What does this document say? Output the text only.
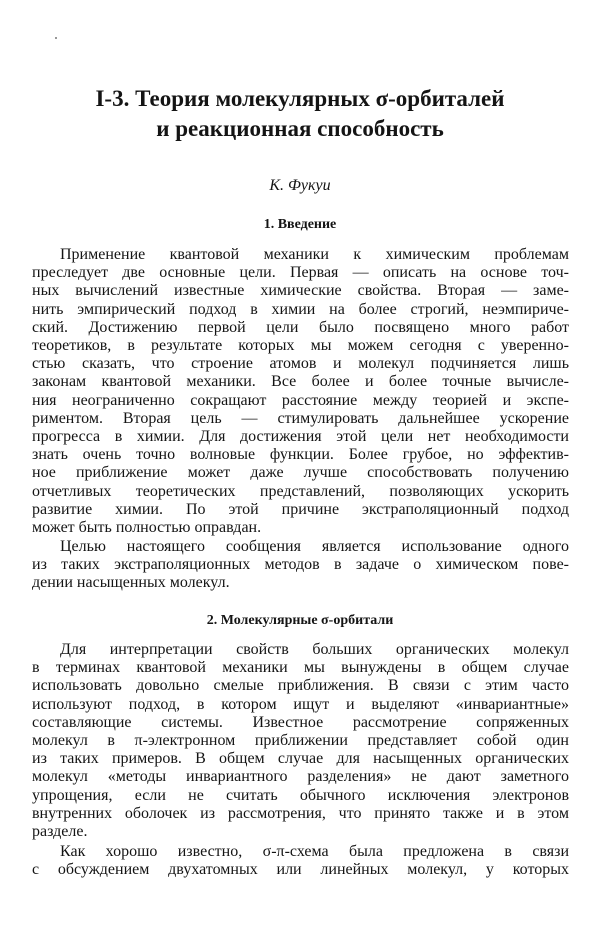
I-3. Теория молекулярных σ-орбиталей
и реакционная способность
К. Фукуи
1. Введение
Применение квантовой механики к химическим проблемам
преследует две основные цели. Первая — описать на основе точ-
ных вычислений известные химические свойства. Вторая — заме-
нить эмпирический подход в химии на более строгий, неэмпириче-
ский. Достижению первой цели было посвящено много работ
теоретиков, в результате которых мы можем сегодня с уверенно-
стью сказать, что строение атомов и молекул подчиняется лишь
законам квантовой механики. Все более и более точные вычисле-
ния неограниченно сокращают расстояние между теорией и экспе-
риментом. Вторая цель — стимулировать дальнейшее ускорение
прогресса в химии. Для достижения этой цели нет необходимости
знать очень точно волновые функции. Более грубое, но эффектив-
ное приближение может даже лучше способствовать получению
отчетливых теоретических представлений, позволяющих ускорить
развитие химии. По этой причине экстраполяционный подход
может быть полностью оправдан.
Целью настоящего сообщения является использование одного
из таких экстраполяционных методов в задаче о химическом пове-
дении насыщенных молекул.
2. Молекулярные σ-орбитали
Для интерпретации свойств больших органических молекул
в терминах квантовой механики мы вынуждены в общем случае
использовать довольно смелые приближения. В связи с этим часто
используют подход, в котором ищут и выделяют «инвариантные»
составляющие системы. Известное рассмотрение сопряженных
молекул в π-электронном приближении представляет собой один
из таких примеров. В общем случае для насыщенных органических
молекул «методы инвариантного разделения» не дают заметного
упрощения, если не считать обычного исключения электронов
внутренних оболочек из рассмотрения, что принято также и в этом
разделе.
Как хорошо известно, σ-π-схема была предложена в связи
с обсуждением двухатомных или линейных молекул, у которых
